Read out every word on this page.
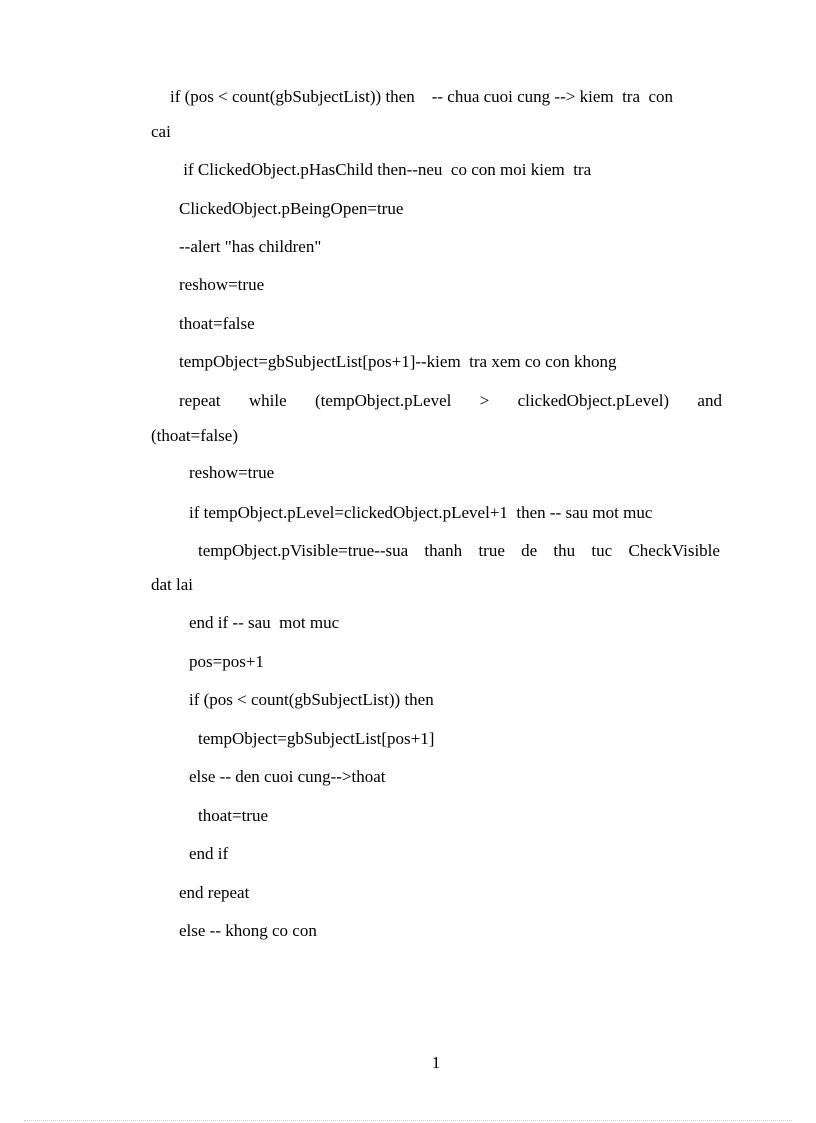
if (pos < count(gbSubjectList)) then    -- chua cuoi cung --> kiem  tra  con
cai
if ClickedObject.pHasChild then--neu  co con moi kiem  tra
ClickedObject.pBeingOpen=true
--alert "has children"
reshow=true
thoat=false
tempObject=gbSubjectList[pos+1]--kiem  tra xem co con khong
repeat while (tempObject.pLevel > clickedObject.pLevel) and
(thoat=false)
reshow=true
if tempObject.pLevel=clickedObject.pLevel+1  then -- sau mot muc
tempObject.pVisible=true--sua thanh true de thu tuc CheckVisible
dat lai
end if -- sau  mot muc
pos=pos+1
if (pos < count(gbSubjectList)) then
tempObject=gbSubjectList[pos+1]
else -- den cuoi cung-->thoat
thoat=true
end if
end repeat
else -- khong co con
1
